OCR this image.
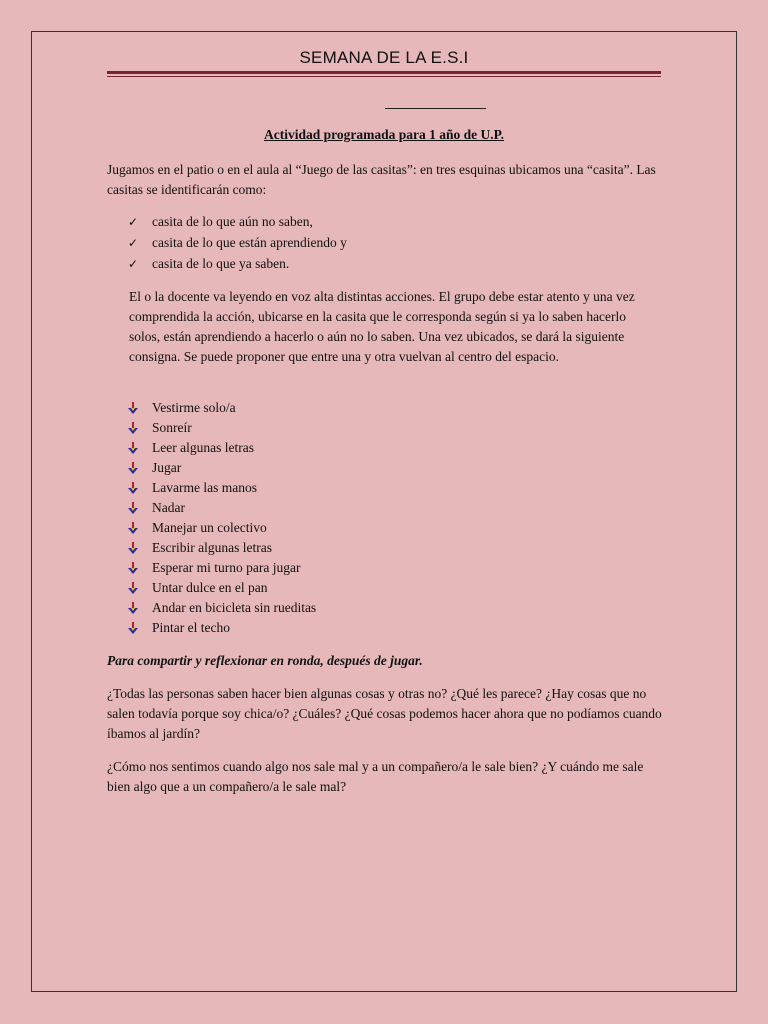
SEMANA DE LA E.S.I
Actividad programada para 1 año de U.P.
Jugamos en el patio o en el aula al “Juego de las casitas”: en tres esquinas ubicamos una “casita”. Las casitas se identificarán como:
✓ casita de lo que aún no saben,
✓ casita de lo que están aprendiendo y
✓ casita de lo que ya saben.
El o la docente va leyendo en voz alta distintas acciones. El grupo debe estar atento y una vez comprendida la acción, ubicarse en la casita que le corresponda según si ya lo saben hacerlo solos, están aprendiendo a hacerlo o aún no lo saben. Una vez ubicados, se dará la siguiente consigna. Se puede proponer que entre una y otra vuelvan al centro del espacio.
Vestirme solo/a
Sonreír
Leer algunas letras
Jugar
Lavarme las manos
Nadar
Manejar un colectivo
Escribir algunas letras
Esperar mi turno para jugar
Untar dulce en el pan
Andar en bicicleta sin rueditas
Pintar el techo
Para compartir y reflexionar en ronda, después de jugar.
¿Todas las personas saben hacer bien algunas cosas y otras no? ¿Qué les parece? ¿Hay cosas que no salen todavía porque soy chica/o? ¿Cuáles? ¿Qué cosas podemos hacer ahora que no podíamos cuando íbamos al jardín?
¿Cómo nos sentimos cuando algo nos sale mal y a un compañero/a le sale bien? ¿Y cuándo me sale bien algo que a un compañero/a le sale mal?
